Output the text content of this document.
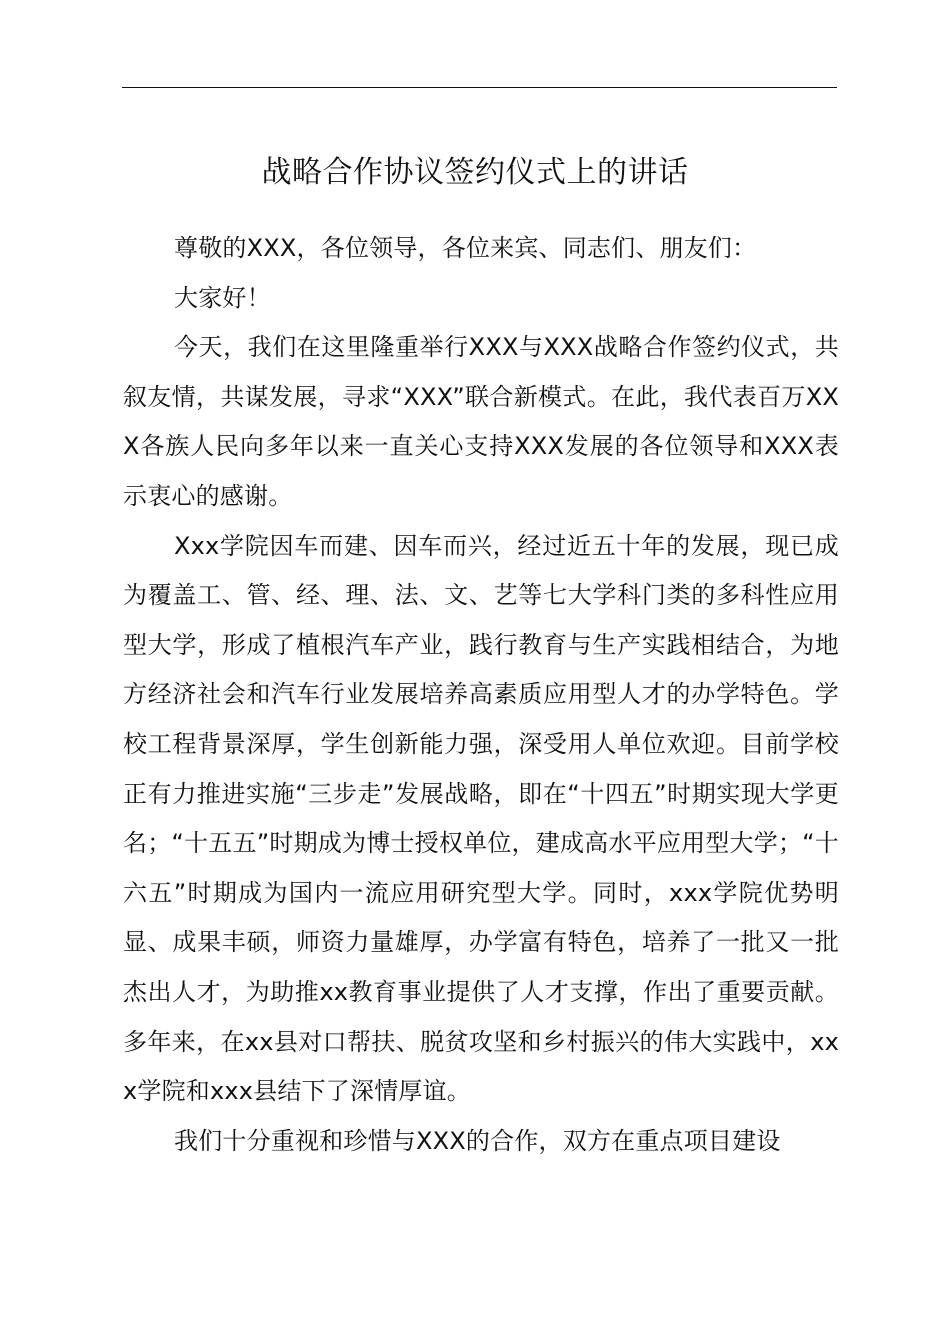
战略合作协议签约仪式上的讲话

尊敬的XXX，各位领导，各位来宾、同志们、朋友们：

大家好！

今天，我们在这里隆重举行XXX与XXX战略合作签约仪式，共叙友情，共谋发展，寻求“XXX”联合新模式。在此，我代表百万XXX各族人民向多年以来一直关心支持XXX发展的各位领导和XXX表示衷心的感谢。

Xxx学院因车而建、因车而兴，经过近五十年的发展，现已成为覆盖工、管、经、理、法、文、艺等七大学科门类的多科性应用型大学，形成了植根汽车产业，践行教育与生产实践相结合，为地方经济社会和汽车行业发展培养高素质应用型人才的办学特色。学校工程背景深厚，学生创新能力强，深受用人单位欢迎。目前学校正有力推进实施“三步走”发展战略，即在“十四五”时期实现大学更名；“十五五”时期成为博士授权单位，建成高水平应用型大学；“十六五”时期成为国内一流应用研究型大学。同时，xxx学院优势明显、成果丰硕，师资力量雄厚，办学富有特色，培养了一批又一批杰出人才，为助推xx教育事业提供了人才支撑，作出了重要贡献。多年来，在xx县对口帮扶、脱贫攻坚和乡村振兴的伟大实践中，xxx学院和xxx县结下了深情厚谊。

我们十分重视和珍惜与XXX的合作，双方在重点项目建设
